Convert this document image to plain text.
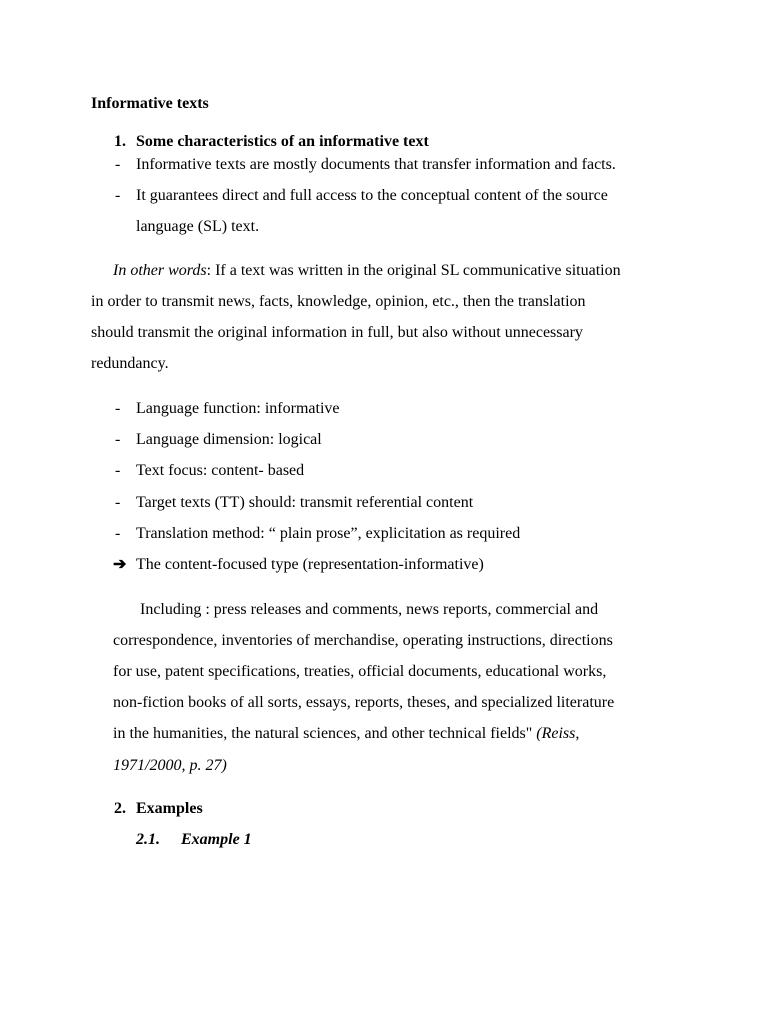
Informative texts
1. Some characteristics of an informative text
- Informative texts are mostly documents that transfer information and facts.
- It guarantees direct and full access to the conceptual content of the source
language (SL) text.
In other words: If a text was written in the original SL communicative situation
in order to transmit news, facts, knowledge, opinion, etc., then the translation
should transmit the original information in full, but also without unnecessary
redundancy.
- Language function: informative
- Language dimension: logical
- Text focus: content- based
- Target texts (TT) should: transmit referential content
- Translation method: “ plain prose”, explicitation as required
➔ The content-focused type (representation-informative)
Including : press releases and comments, news reports, commercial and
correspondence, inventories of merchandise, operating instructions, directions
for use, patent specifications, treaties, official documents, educational works,
non-fiction books of all sorts, essays, reports, theses, and specialized literature
in the humanities, the natural sciences, and other technical fields" (Reiss,
1971/2000, p. 27)
2. Examples
2.1. Example 1
